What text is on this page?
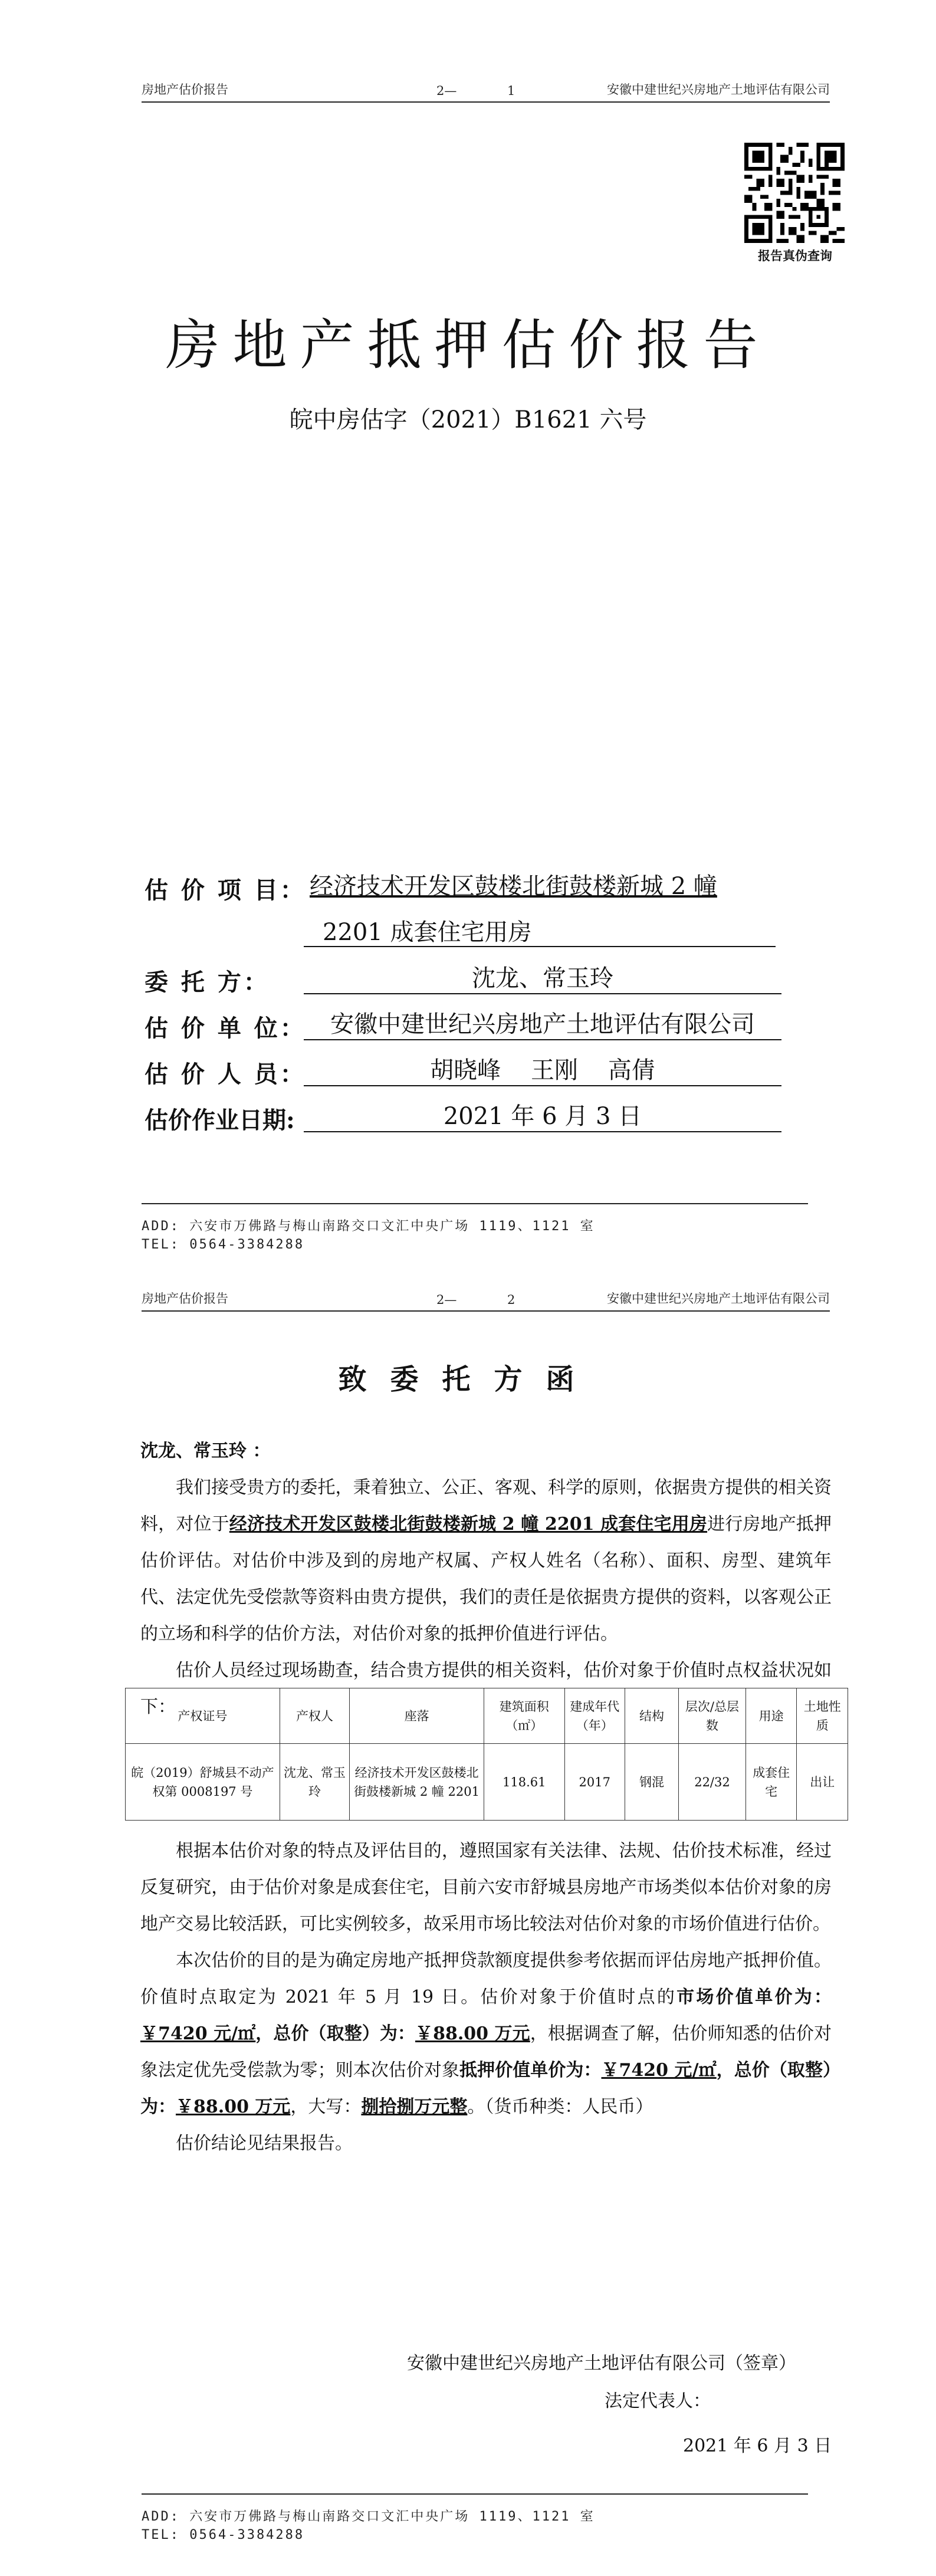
房地产估价报告	2—	1	安徽中建世纪兴房地产土地评估有限公司
报告真伪查询
房地产抵押估价报告
皖中房估字（2021）B1621 六号
估 价 项 目： 经济技术开发区鼓楼北街鼓楼新城 2 幢
2201 成套住宅用房
委 托 方：	沈龙、常玉玲
估 价 单 位：	安徽中建世纪兴房地产土地评估有限公司
估 价 人 员：	胡晓峰    王刚    高倩
估价作业日期:	2021 年 6 月 3 日
ADD: 六安市万佛路与梅山南路交口文汇中央广场 1119、1121 室
TEL: 0564-3384288
房地产估价报告	2—	2	安徽中建世纪兴房地产土地评估有限公司
致委托方函

沈龙、常玉玲 ：

我们接受贵方的委托，秉着独立、公正、客观、科学的原则，依据贵方提供的相关资料，对位于经济技术开发区鼓楼北街鼓楼新城 2 幢 2201 成套住宅用房进行房地产抵押估价评估。对估价中涉及到的房地产权属、产权人姓名（名称）、面积、房型、建筑年代、法定优先受偿款等资料由贵方提供，我们的责任是依据贵方提供的资料，以客观公正的立场和科学的估价方法，对估价对象的抵押价值进行评估。

估价人员经过现场勘查，结合贵方提供的相关资料，估价对象于价值时点权益状况如下： 产权证号	产权人	座落	建筑面积（㎡）	建成年代（年）	结构	层次/总层数	用途	土地性质
皖（2019）舒城县不动产权第 0008197 号	沈龙、常玉玲	经济技术开发区鼓楼北街鼓楼新城 2 幢 2201	118.61	2017	钢混	22/32	成套住宅	出让

根据本估价对象的特点及评估目的，遵照国家有关法律、法规、估价技术标准，经过反复研究，由于估价对象是成套住宅，目前六安市舒城县房地产市场类似本估价对象的房地产交易比较活跃，可比实例较多，故采用市场比较法对估价对象的市场价值进行估价。

本次估价的目的是为确定房地产抵押贷款额度提供参考依据而评估房地产抵押价值。价值时点取定为 2021 年 5 月 19 日。估价对象于价值时点的市场价值单价为：￥7420 元/㎡，总价（取整）为：￥88.00 万元，根据调查了解，估价师知悉的估价对象法定优先受偿款为零；则本次估价对象抵押价值单价为：￥7420 元/㎡，总价（取整）为：￥88.00 万元，大写：捌拾捌万元整。（货币种类：人民币）

估价结论见结果报告。

安徽中建世纪兴房地产土地评估有限公司（签章）
法定代表人：
2021 年 6 月 3 日
ADD: 六安市万佛路与梅山南路交口文汇中央广场 1119、1121 室
TEL: 0564-3384288
